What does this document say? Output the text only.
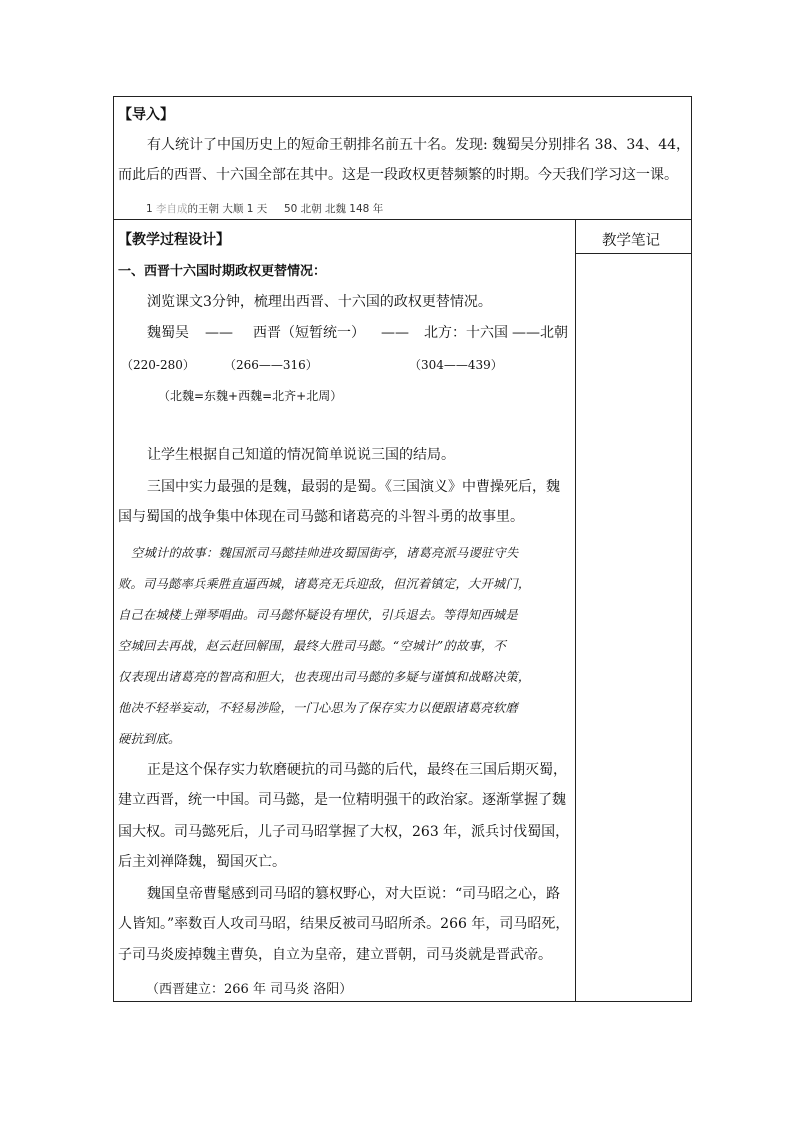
【导入】
有人统计了中国历史上的短命王朝排名前五十名。发现: 魏蜀吴分别排名 38、34、44，
而此后的西晋、十六国全部在其中。这是一段政权更替频繁的时期。今天我们学习这一课。
1 李自成的王朝 大顺 1 天 50 北朝 北魏 148 年
【教学过程设计】	教学笔记
一、西晋十六国时期政权更替情况：
浏览课文3分钟，梳理出西晋、十六国的政权更替情况。
魏蜀吴 —— 西晋（短暂统一） —— 北方：十六国 ——北朝
（220-280） （266——316）	（304——439）
（北魏=东魏+西魏=北齐+北周）
让学生根据自己知道的情况简单说说三国的结局。
三国中实力最强的是魏，最弱的是蜀。《三国演义》中曹操死后，魏
国与蜀国的战争集中体现在司马懿和诸葛亮的斗智斗勇的故事里。
空城计的故事：魏国派司马懿挂帅进攻蜀国街亭，诸葛亮派马谡驻守失
败。司马懿率兵乘胜直逼西城，诸葛亮无兵迎敌，但沉着镇定，大开城门，
自己在城楼上弹琴唱曲。司马懿怀疑设有埋伏，引兵退去。等得知西城是
空城回去再战，赵云赶回解围，最终大胜司马懿。“空城计”的故事，不
仅表现出诸葛亮的智高和胆大，也表现出司马懿的多疑与谨慎和战略决策，
他决不轻举妄动，不轻易涉险，一门心思为了保存实力以便跟诸葛亮软磨
硬抗到底。
正是这个保存实力软磨硬抗的司马懿的后代，最终在三国后期灭蜀，
建立西晋，统一中国。司马懿，是一位精明强干的政治家。逐渐掌握了魏
国大权。司马懿死后，儿子司马昭掌握了大权，263 年，派兵讨伐蜀国，
后主刘禅降魏，蜀国灭亡。
魏国皇帝曹髦感到司马昭的篡权野心，对大臣说：“司马昭之心，路
人皆知。”率数百人攻司马昭，结果反被司马昭所杀。266 年，司马昭死，
子司马炎废掉魏主曹奂，自立为皇帝，建立晋朝，司马炎就是晋武帝。
（西晋建立：266 年 司马炎 洛阳）
